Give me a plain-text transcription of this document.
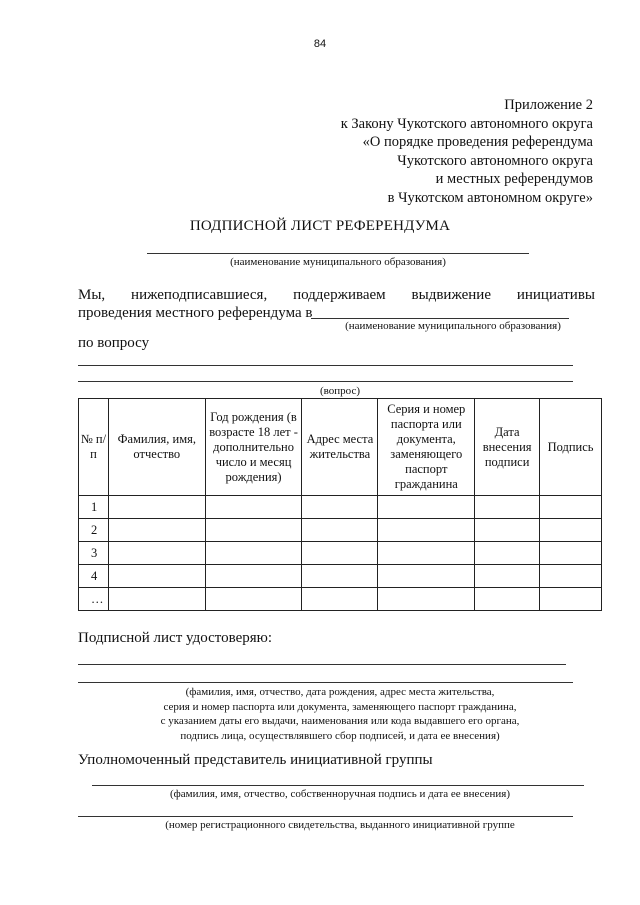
84
Приложение 2
к Закону Чукотского автономного округа
«О порядке проведения референдума
Чукотского автономного округа
и местных референдумов
в Чукотском автономном округе»
ПОДПИСНОЙ ЛИСТ РЕФЕРЕНДУМА
(наименование муниципального образования)
Мы, нижеподписавшиеся, поддерживаем выдвижение инициативы
проведения местного референдума в
(наименование муниципального образования)
по вопросу
(вопрос)
№ п/п	Фамилия, имя, отчество	Год рождения (в возрасте 18 лет - дополнительно число и месяц рождения)	Адрес места жительства	Серия и номер паспорта или документа, заменяющего паспорт гражданина	Дата внесения подписи	Подпись
1						
2						
3						
4						
…						
Подписной лист удостоверяю:
(фамилия, имя, отчество, дата рождения, адрес места жительства,
серия и номер паспорта или документа, заменяющего паспорт гражданина,
с указанием даты его выдачи, наименования или кода выдавшего его органа,
подпись лица, осуществлявшего сбор подписей, и дата ее внесения)
Уполномоченный представитель инициативной группы
(фамилия, имя, отчество, собственноручная подпись и дата ее внесения)
(номер регистрационного свидетельства, выданного инициативной группе
